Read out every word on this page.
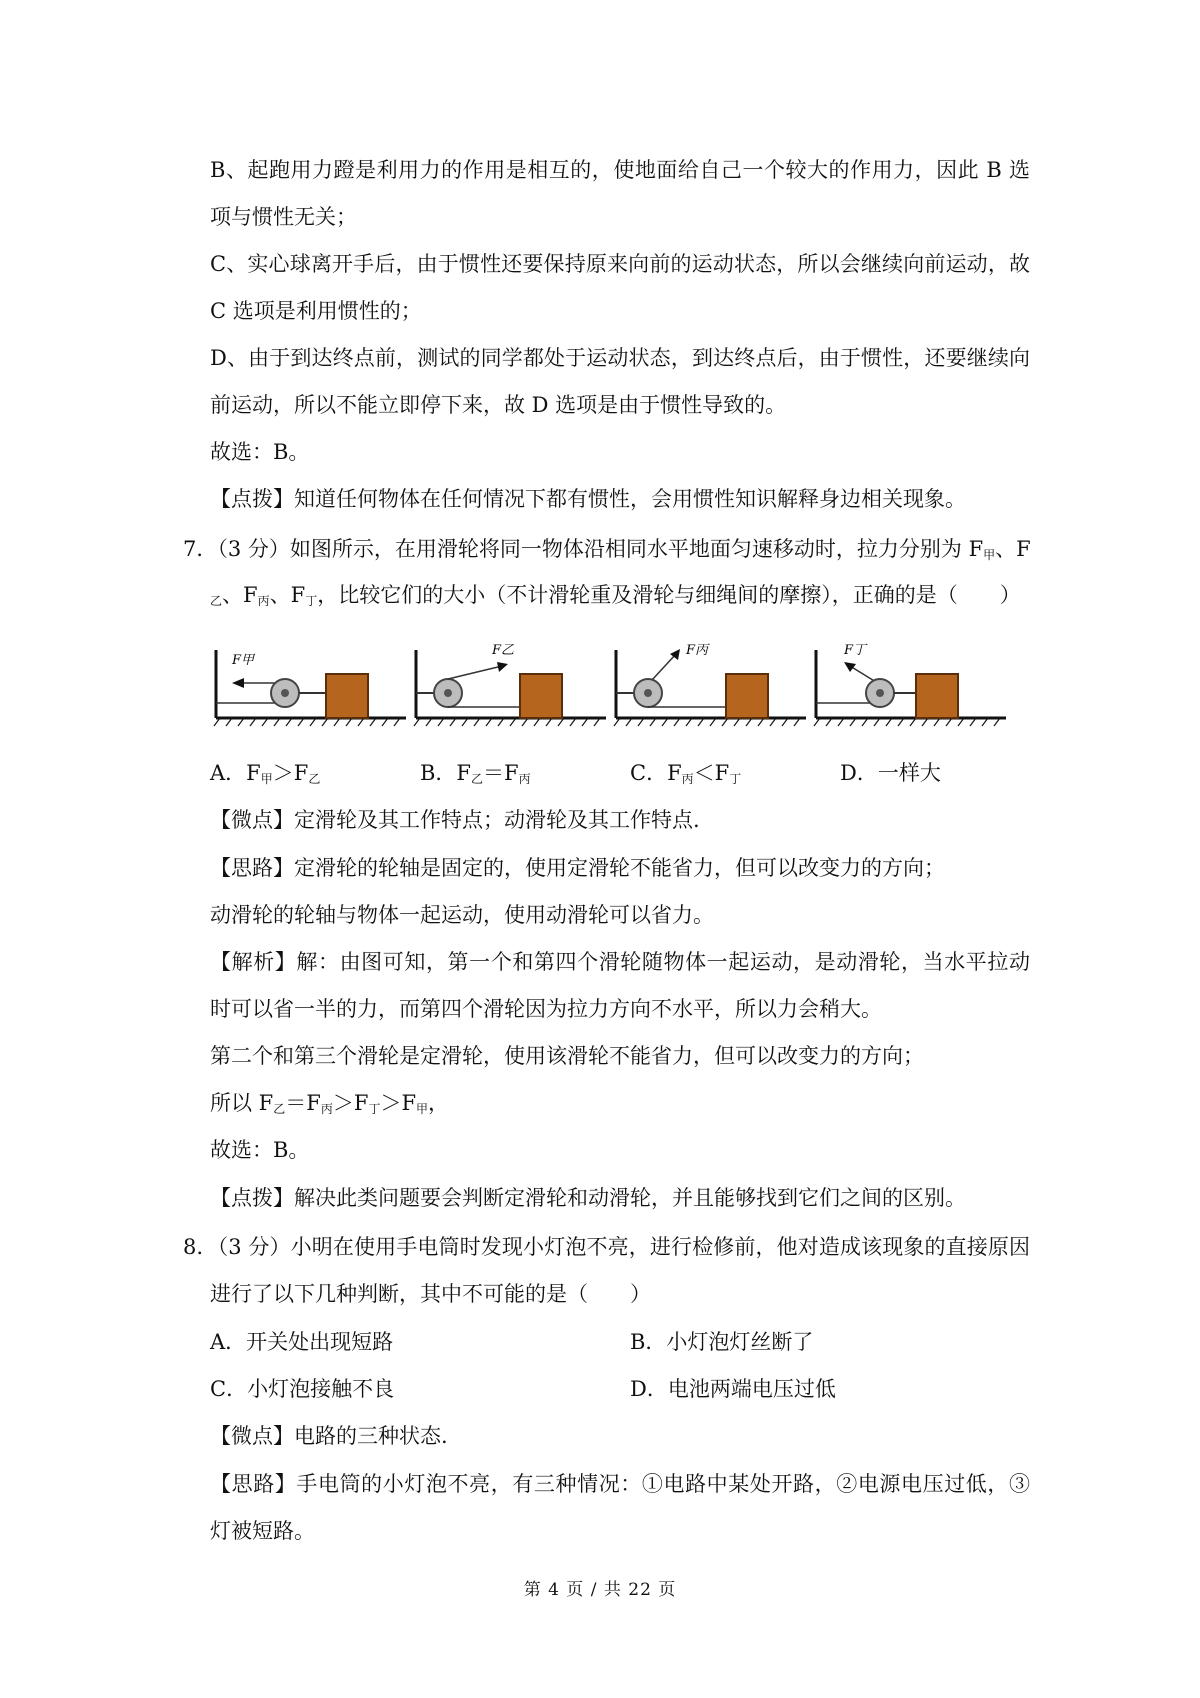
B、起跑用力蹬是利用力的作用是相互的，使地面给自己一个较大的作用力，因此 B 选
项与惯性无关；
C、实心球离开手后，由于惯性还要保持原来向前的运动状态，所以会继续向前运动，故
C 选项是利用惯性的；
D、由于到达终点前，测试的同学都处于运动状态，到达终点后，由于惯性，还要继续向
前运动，所以不能立即停下来，故 D 选项是由于惯性导致的。
故选：B。
【点拨】知道任何物体在任何情况下都有惯性，会用惯性知识解释身边相关现象。
7．（3 分）如图所示，在用滑轮将同一物体沿相同水平地面匀速移动时，拉力分别为 $F_甲$、F
$_乙$、$F_丙$、$F_丁$，比较它们的大小（不计滑轮重及滑轮与细绳间的摩擦），正确的是（　　）
F甲
F乙	F丙	F丁
A．$F_甲>F_乙$	B．$F_乙=F_丙$	C．$F_丙<F_丁$	D．一样大
【微点】定滑轮及其工作特点；动滑轮及其工作特点.
【思路】定滑轮的轮轴是固定的，使用定滑轮不能省力，但可以改变力的方向；
动滑轮的轮轴与物体一起运动，使用动滑轮可以省力。
【解析】解：由图可知，第一个和第四个滑轮随物体一起运动，是动滑轮，当水平拉动
时可以省一半的力，而第四个滑轮因为拉力方向不水平，所以力会稍大。
第二个和第三个滑轮是定滑轮，使用该滑轮不能省力，但可以改变力的方向；
所以 $F_乙=F_丙>F_丁>F_甲$，
故选：B。
【点拨】解决此类问题要会判断定滑轮和动滑轮，并且能够找到它们之间的区别。
8．（3 分）小明在使用手电筒时发现小灯泡不亮，进行检修前，他对造成该现象的直接原因
进行了以下几种判断，其中不可能的是（　　）
A．开关处出现短路	B．小灯泡灯丝断了
C．小灯泡接触不良	D．电池两端电压过低
【微点】电路的三种状态.
【思路】手电筒的小灯泡不亮，有三种情况：①电路中某处开路，②电源电压过低，③
灯被短路。
第 4 页 / 共 22 页
